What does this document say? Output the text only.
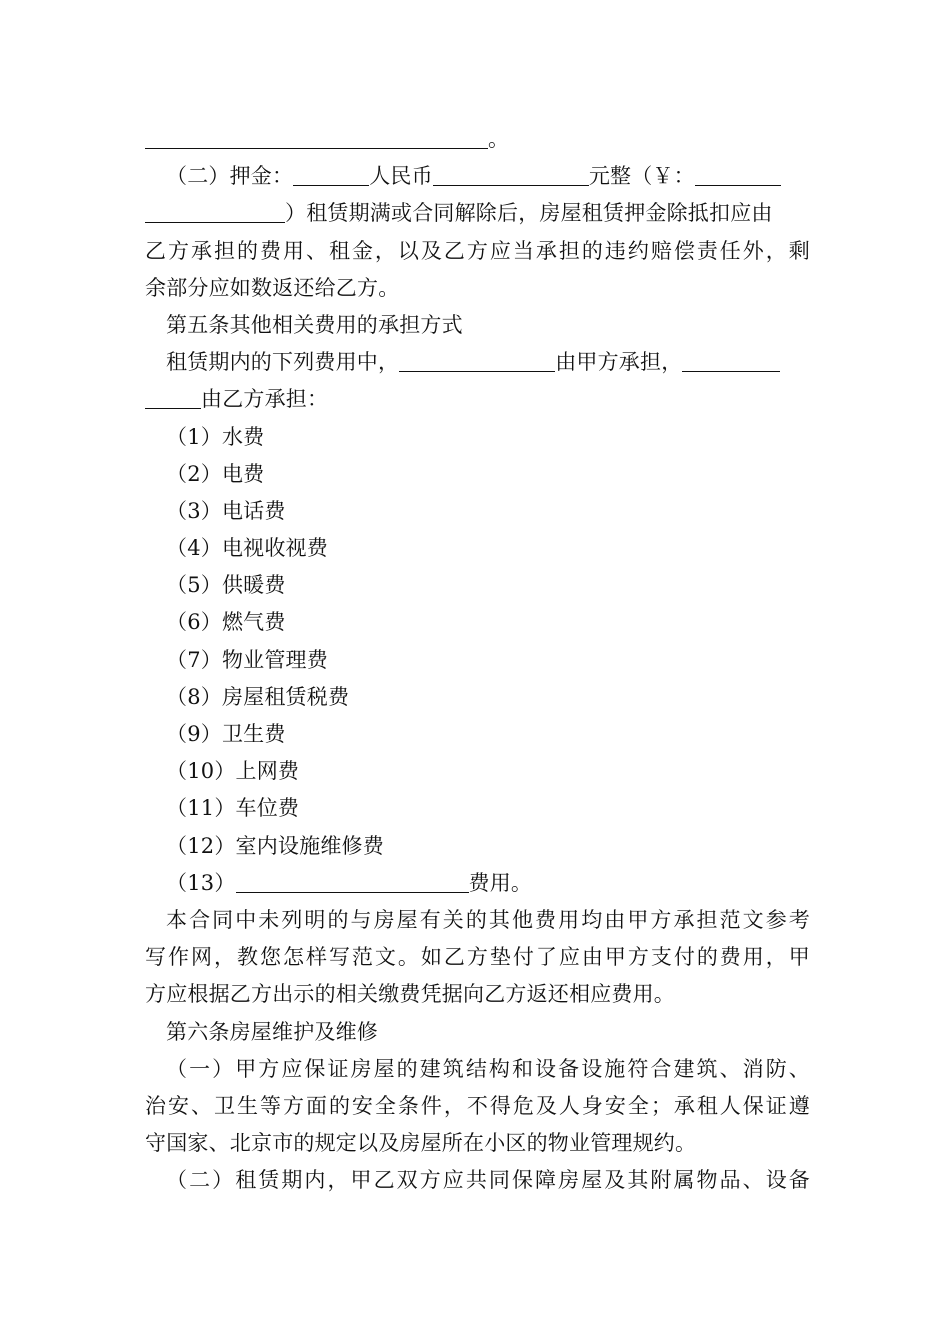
。
（二）押金：	人民币	元整（￥：
）租赁期满或合同解除后，房屋租赁押金除抵扣应由
乙方承担的费用、租金，以及乙方应当承担的违约赔偿责任外，剩
余部分应如数返还给乙方。
第五条其他相关费用的承担方式
租赁期内的下列费用中，	由甲方承担，
由乙方承担：
（1）水费
（2）电费
（3）电话费
（4）电视收视费
（5）供暖费
（6）燃气费
（7）物业管理费
（8）房屋租赁税费
（9）卫生费
（10）上网费
（11）车位费
（12）室内设施维修费
（13）	费用。
本合同中未列明的与房屋有关的其他费用均由甲方承担范文参考
写作网，教您怎样写范文。如乙方垫付了应由甲方支付的费用，甲
方应根据乙方出示的相关缴费凭据向乙方返还相应费用。
第六条房屋维护及维修
（一）甲方应保证房屋的建筑结构和设备设施符合建筑、消防、
治安、卫生等方面的安全条件，不得危及人身安全；承租人保证遵
守国家、北京市的规定以及房屋所在小区的物业管理规约。
（二）租赁期内，甲乙双方应共同保障房屋及其附属物品、设备
